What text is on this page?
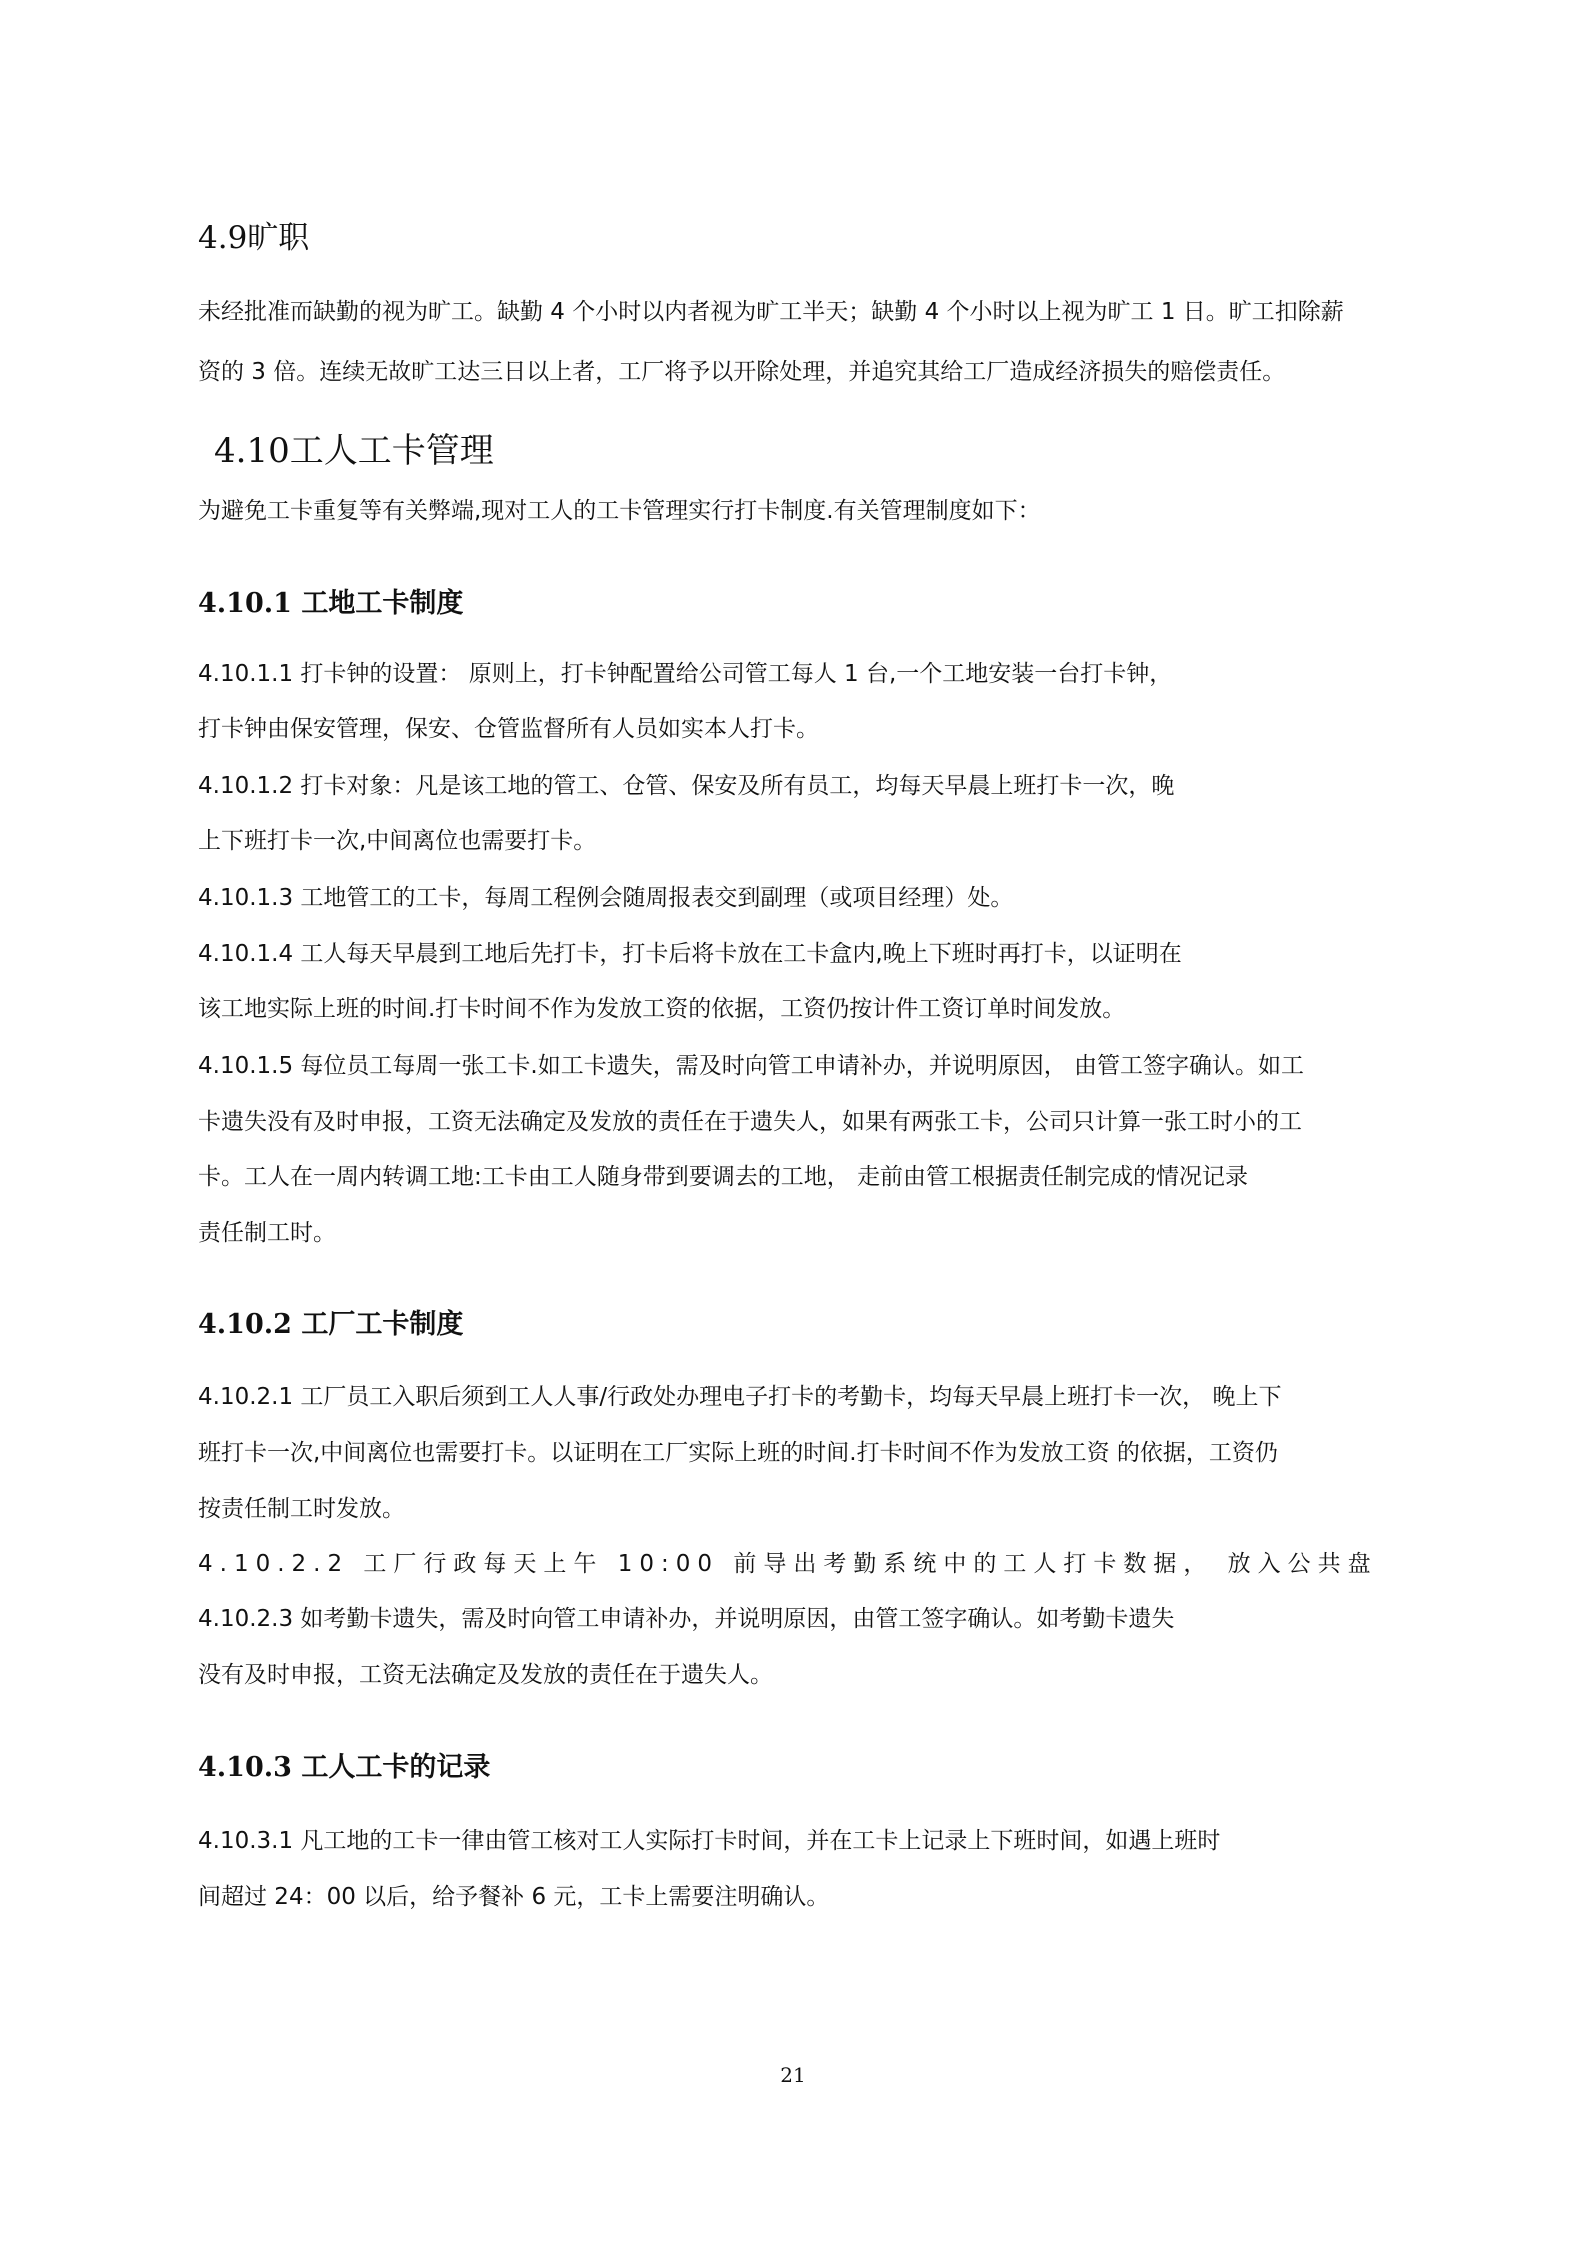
4.9旷职
未经批准而缺勤的视为旷工。缺勤 4 个小时以内者视为旷工半天；缺勤 4 个小时以上视为旷工 1 日。旷工扣除薪
资的 3 倍。连续无故旷工达三日以上者，工厂将予以开除处理，并追究其给工厂造成经济损失的赔偿责任。
4.10工人工卡管理
为避免工卡重复等有关弊端,现对工人的工卡管理实行打卡制度.有关管理制度如下：
4.10.1 工地工卡制度
4.10.1.1 打卡钟的设置： 原则上，打卡钟配置给公司管工每人 1 台,一个工地安装一台打卡钟，
打卡钟由保安管理，保安、仓管监督所有人员如实本人打卡。
4.10.1.2 打卡对象：凡是该工地的管工、仓管、保安及所有员工，均每天早晨上班打卡一次，晚
上下班打卡一次,中间离位也需要打卡。
4.10.1.3 工地管工的工卡，每周工程例会随周报表交到副理（或项目经理）处。
4.10.1.4 工人每天早晨到工地后先打卡，打卡后将卡放在工卡盒内,晚上下班时再打卡，以证明在
该工地实际上班的时间.打卡时间不作为发放工资的依据，工资仍按计件工资订单时间发放。
4.10.1.5 每位员工每周一张工卡.如工卡遗失，需及时向管工申请补办，并说明原因， 由管工签字确认。如工
卡遗失没有及时申报，工资无法确定及发放的责任在于遗失人，如果有两张工卡，公司只计算一张工时小的工
卡。工人在一周内转调工地:工卡由工人随身带到要调去的工地， 走前由管工根据责任制完成的情况记录
责任制工时。
4.10.2 工厂工卡制度
4.10.2.1 工厂员工入职后须到工人人事/行政处办理电子打卡的考勤卡，均每天早晨上班打卡一次， 晚上下
班打卡一次,中间离位也需要打卡。以证明在工厂实际上班的时间.打卡时间不作为发放工资 的依据，工资仍
按责任制工时发放。
4.10.2.2 工厂行政每天上午 10:00 前导出考勤系统中的工人打卡数据， 放入公共盘
4.10.2.3 如考勤卡遗失，需及时向管工申请补办，并说明原因，由管工签字确认。如考勤卡遗失
没有及时申报，工资无法确定及发放的责任在于遗失人。
4.10.3 工人工卡的记录
4.10.3.1 凡工地的工卡一律由管工核对工人实际打卡时间，并在工卡上记录上下班时间，如遇上班时
间超过 24：00 以后，给予餐补 6 元，工卡上需要注明确认。
21
